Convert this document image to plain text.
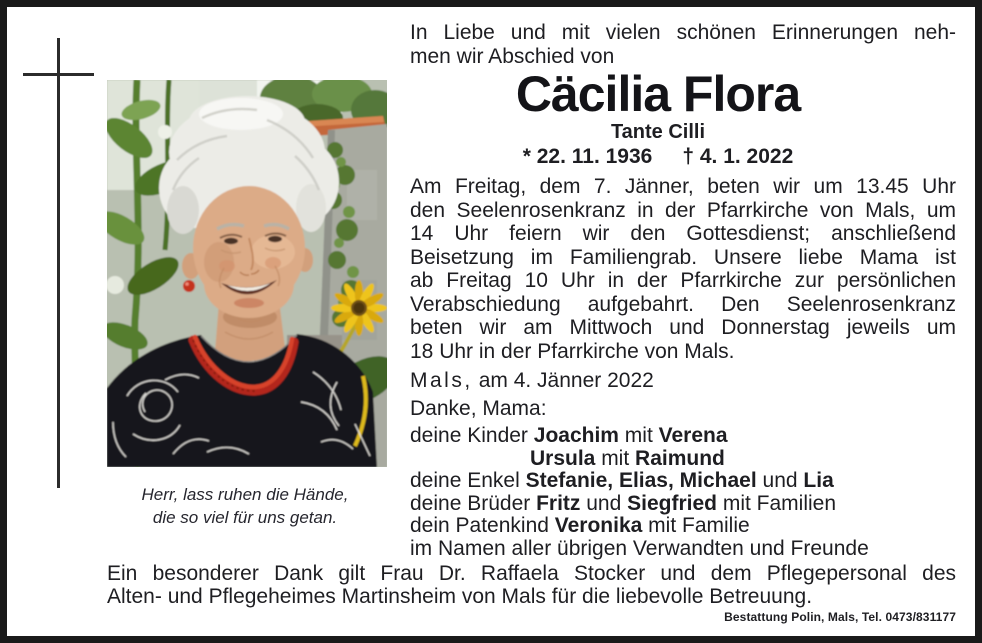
Herr, lass ruhen die Hände,
die so viel für uns getan.
In Liebe und mit vielen schönen Erinnerungen neh-
men wir Abschied von
Cäcilia Flora
Tante Cilli
* 22. 11. 1936 † 4. 1. 2022
Am Freitag, dem 7. Jänner, beten wir um 13.45 Uhr
den Seelenrosenkranz in der Pfarrkirche von Mals, um
14 Uhr feiern wir den Gottesdienst; anschließend
Beisetzung im Familiengrab. Unsere liebe Mama ist
ab Freitag 10 Uhr in der Pfarrkirche zur persönlichen
Verabschiedung aufgebahrt. Den Seelenrosenkranz
beten wir am Mittwoch und Donnerstag jeweils um
18 Uhr in der Pfarrkirche von Mals.
Mals, am 4. Jänner 2022
Danke, Mama:
deine Kinder Joachim mit Verena
Ursula mit Raimund
deine Enkel Stefanie, Elias, Michael und Lia
deine Brüder Fritz und Siegfried mit Familien
dein Patenkind Veronika mit Familie
im Namen aller übrigen Verwandten und Freunde
Ein besonderer Dank gilt Frau Dr. Raffaela Stocker und dem Pflegepersonal des
Alten- und Pflegeheimes Martinsheim von Mals für die liebevolle Betreuung.
Bestattung Polin, Mals, Tel. 0473/831177
